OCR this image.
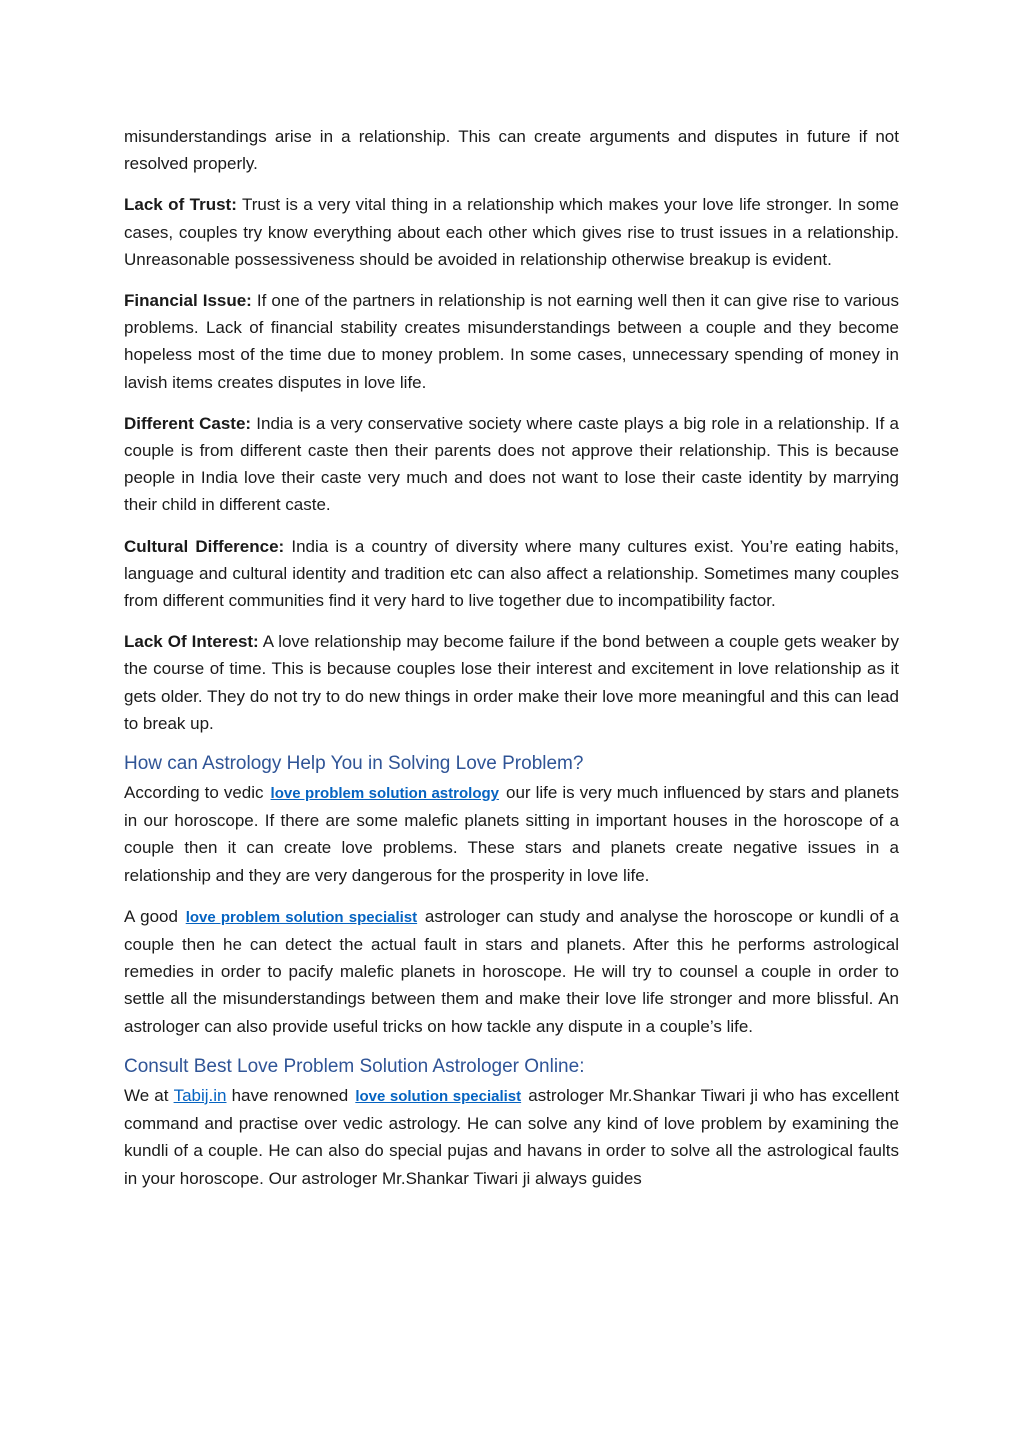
misunderstandings arise in a relationship. This can create arguments and disputes in future if not resolved properly.

Lack of Trust: Trust is a very vital thing in a relationship which makes your love life stronger. In some cases, couples try know everything about each other which gives rise to trust issues in a relationship. Unreasonable possessiveness should be avoided in relationship otherwise breakup is evident.

Financial Issue: If one of the partners in relationship is not earning well then it can give rise to various problems. Lack of financial stability creates misunderstandings between a couple and they become hopeless most of the time due to money problem. In some cases, unnecessary spending of money in lavish items creates disputes in love life.

Different Caste: India is a very conservative society where caste plays a big role in a relationship. If a couple is from different caste then their parents does not approve their relationship. This is because people in India love their caste very much and does not want to lose their caste identity by marrying their child in different caste.

Cultural Difference: India is a country of diversity where many cultures exist. You’re eating habits, language and cultural identity and tradition etc can also affect a relationship. Sometimes many couples from different communities find it very hard to live together due to incompatibility factor.

Lack Of Interest: A love relationship may become failure if the bond between a couple gets weaker by the course of time. This is because couples lose their interest and excitement in love relationship as it gets older. They do not try to do new things in order make their love more meaningful and this can lead to break up.

How can Astrology Help You in Solving Love Problem?

According to vedic love problem solution astrology our life is very much influenced by stars and planets in our horoscope. If there are some malefic planets sitting in important houses in the horoscope of a couple then it can create love problems. These stars and planets create negative issues in a relationship and they are very dangerous for the prosperity in love life.

A good love problem solution specialist astrologer can study and analyse the horoscope or kundli of a couple then he can detect the actual fault in stars and planets. After this he performs astrological remedies in order to pacify malefic planets in horoscope. He will try to counsel a couple in order to settle all the misunderstandings between them and make their love life stronger and more blissful. An astrologer can also provide useful tricks on how tackle any dispute in a couple’s life.

Consult Best Love Problem Solution Astrologer Online:

We at Tabij.in have renowned love solution specialist astrologer Mr.Shankar Tiwari ji who has excellent command and practise over vedic astrology. He can solve any kind of love problem by examining the kundli of a couple. He can also do special pujas and havans in order to solve all the astrological faults in your horoscope. Our astrologer Mr.Shankar Tiwari ji always guides
